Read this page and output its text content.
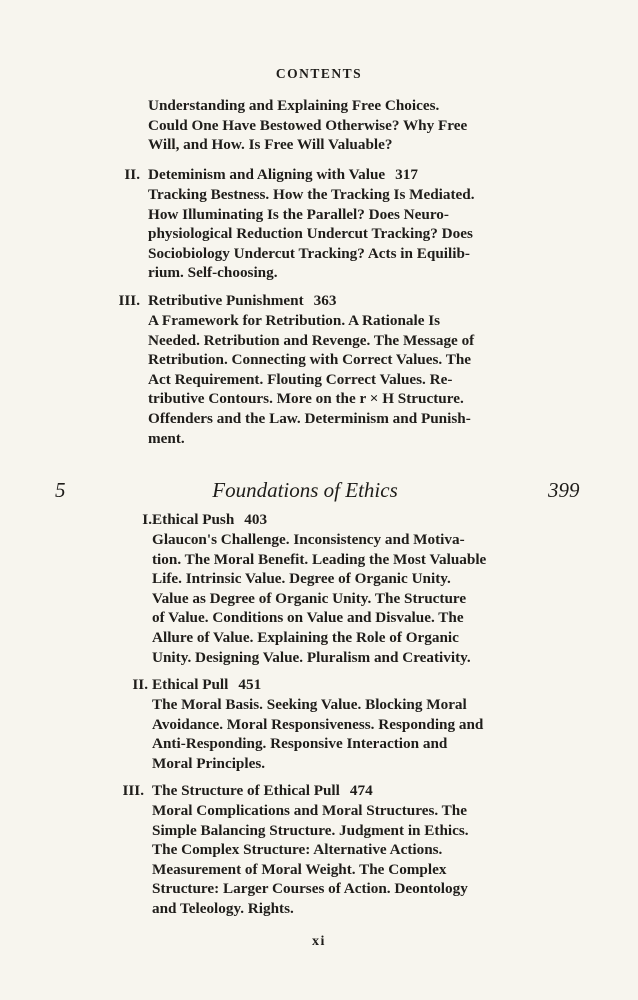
CONTENTS
Understanding and Explaining Free Choices.
Could One Have Bestowed Otherwise? Why Free
Will, and How. Is Free Will Valuable?
II. Deteminism and Aligning with Value 317
Tracking Bestness. How the Tracking Is Mediated.
How Illuminating Is the Parallel? Does Neuro-
physiological Reduction Undercut Tracking? Does
Sociobiology Undercut Tracking? Acts in Equilib-
rium. Self-choosing.
III. Retributive Punishment 363
A Framework for Retribution. A Rationale Is
Needed. Retribution and Revenge. The Message of
Retribution. Connecting with Correct Values. The
Act Requirement. Flouting Correct Values. Re-
tributive Contours. More on the r × H Structure.
Offenders and the Law. Determinism and Punish-
ment.
5	Foundations of Ethics	399
I. Ethical Push 403
Glaucon's Challenge. Inconsistency and Motiva-
tion. The Moral Benefit. Leading the Most Valuable
Life. Intrinsic Value. Degree of Organic Unity.
Value as Degree of Organic Unity. The Structure
of Value. Conditions on Value and Disvalue. The
Allure of Value. Explaining the Role of Organic
Unity. Designing Value. Pluralism and Creativity.
II. Ethical Pull 451
The Moral Basis. Seeking Value. Blocking Moral
Avoidance. Moral Responsiveness. Responding and
Anti-Responding. Responsive Interaction and
Moral Principles.
III. The Structure of Ethical Pull 474
Moral Complications and Moral Structures. The
Simple Balancing Structure. Judgment in Ethics.
The Complex Structure: Alternative Actions.
Measurement of Moral Weight. The Complex
Structure: Larger Courses of Action. Deontology
and Teleology. Rights.
xi
